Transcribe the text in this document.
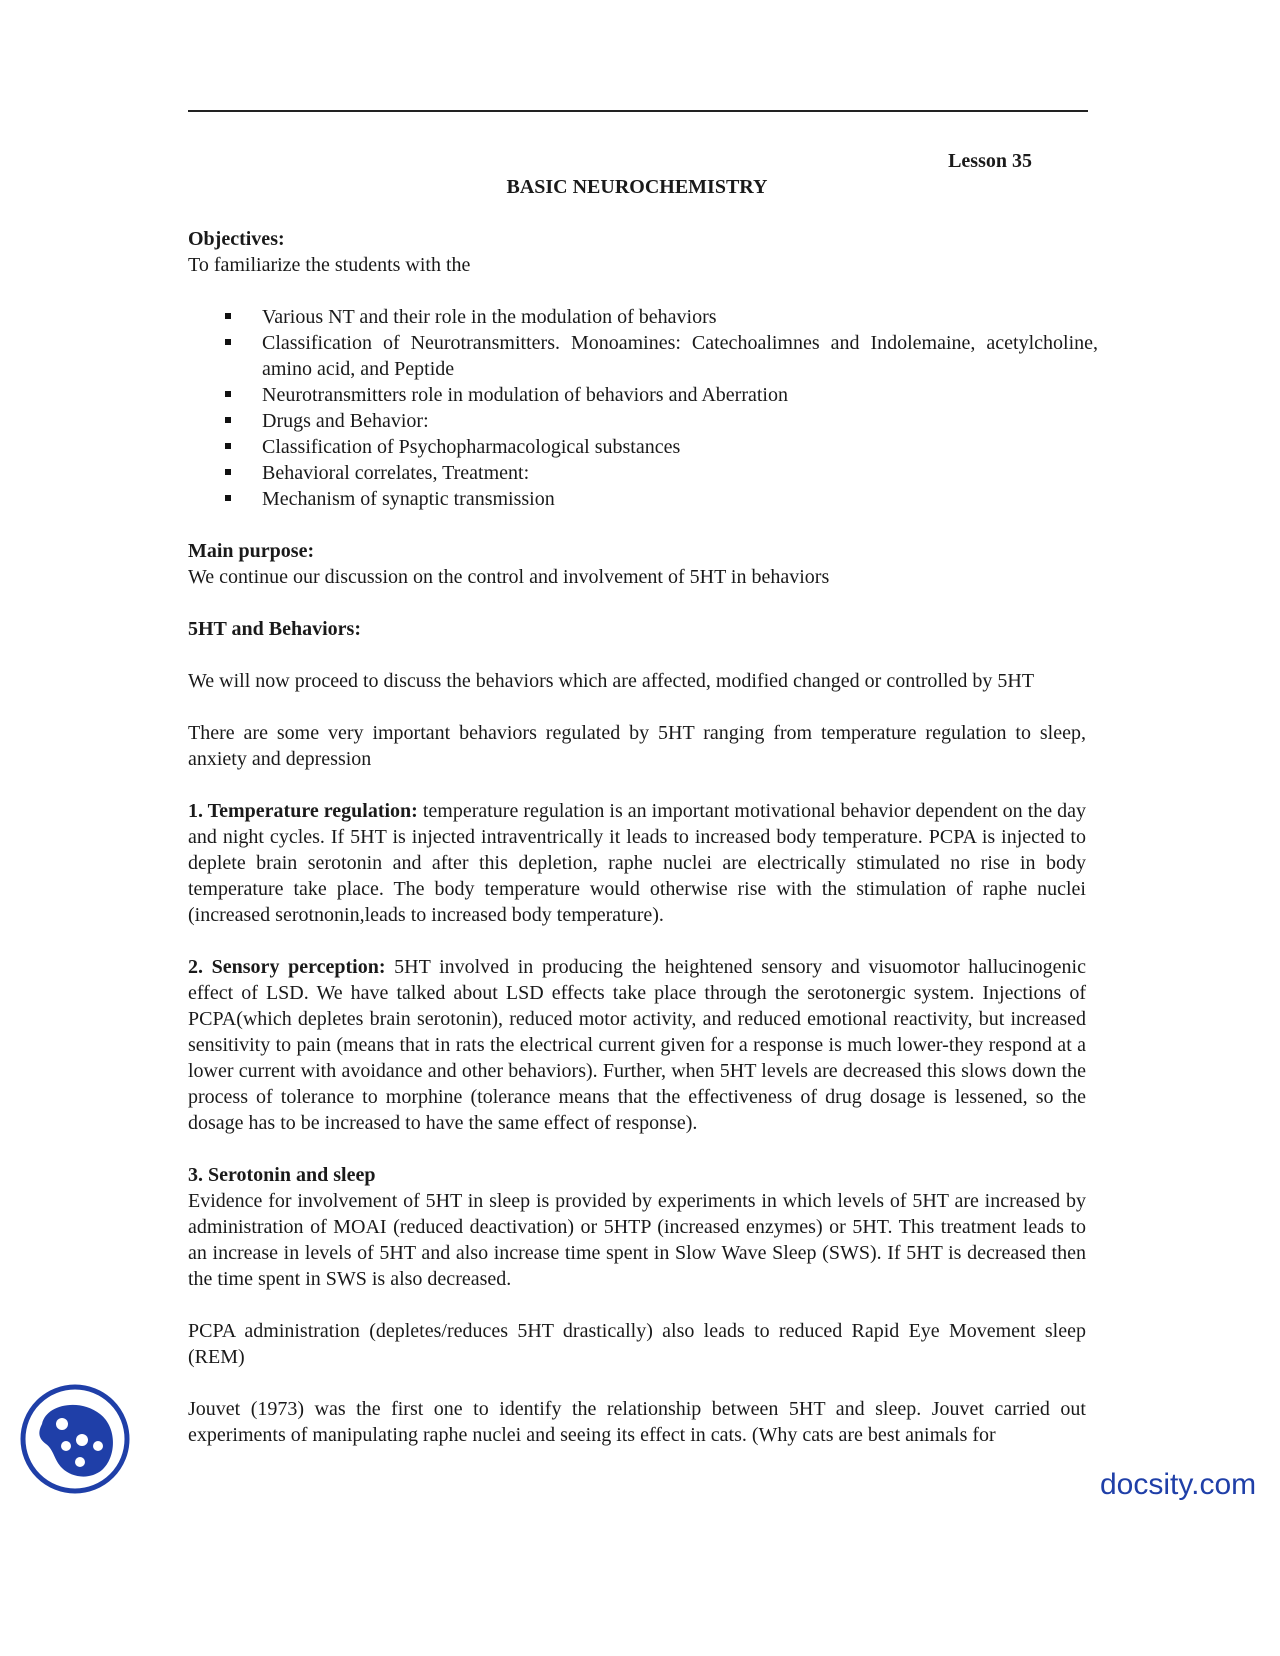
Lesson 35

BASIC NEUROCHEMISTRY

Objectives:

To familiarize the students with the

Various NT and their role in the modulation of behaviors
Classification of Neurotransmitters. Monoamines: Catechoalimnes and Indolemaine, acetylcholine, amino acid, and Peptide
Neurotransmitters role in modulation of behaviors and Aberration
Drugs and Behavior:
Classification of Psychopharmacological substances
Behavioral correlates, Treatment:
Mechanism of synaptic transmission

Main purpose:

We continue our discussion on the control and involvement of 5HT in behaviors

5HT and Behaviors:

We will now proceed to discuss the behaviors which are affected, modified changed or controlled by 5HT

There are some very important behaviors regulated by 5HT ranging from temperature regulation to sleep, anxiety and depression

1. Temperature regulation: temperature regulation is an important motivational behavior dependent on the day and night cycles. If 5HT is injected intraventrically it leads to increased body temperature. PCPA is injected to deplete brain serotonin and after this depletion, raphe nuclei are electrically stimulated no rise in body temperature take place. The body temperature would otherwise rise with the stimulation of raphe nuclei (increased serotnonin,leads to increased body temperature).

2. Sensory perception: 5HT involved in producing the heightened sensory and visuomotor hallucinogenic effect of LSD. We have talked about LSD effects take place through the serotonergic system. Injections of PCPA(which depletes brain serotonin), reduced motor activity, and reduced emotional reactivity, but increased sensitivity to pain (means that in rats the electrical current given for a response is much lower-they respond at a lower current with avoidance and other behaviors). Further, when 5HT levels are decreased this slows down the process of tolerance to morphine (tolerance means that the effectiveness of drug dosage is lessened, so the dosage has to be increased to have the same effect of response).

3. Serotonin and sleep

Evidence for involvement of 5HT in sleep is provided by experiments in which levels of 5HT are increased by administration of MOAI (reduced deactivation) or 5HTP (increased enzymes) or 5HT. This treatment leads to an increase in levels of 5HT and also increase time spent in Slow Wave Sleep (SWS). If 5HT is decreased then the time spent in SWS is also decreased.

PCPA administration (depletes/reduces 5HT drastically) also leads to reduced Rapid Eye Movement sleep (REM)

Jouvet (1973) was the first one to identify the relationship between 5HT and sleep. Jouvet carried out experiments of manipulating raphe nuclei and seeing its effect in cats. (Why cats are best animals for

docsity.com
